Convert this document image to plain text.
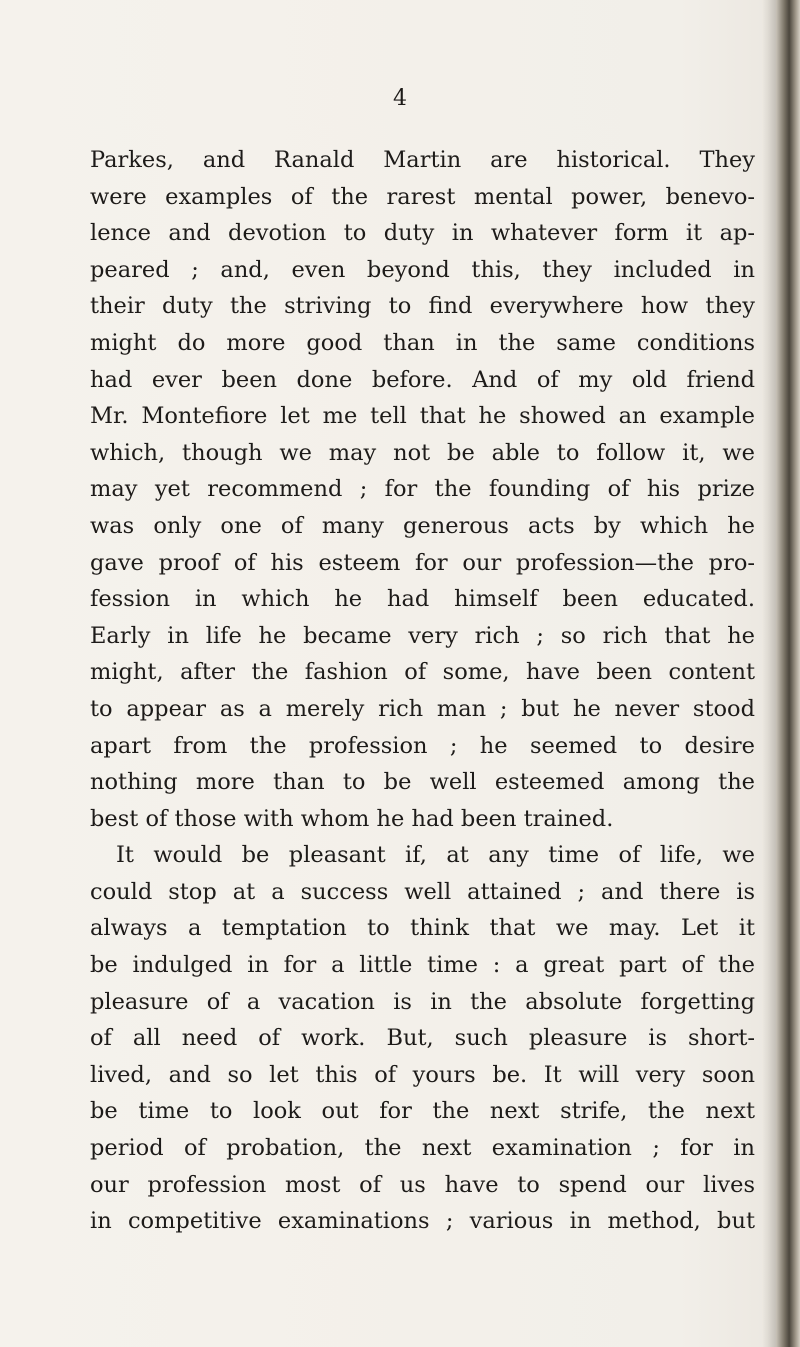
4
Parkes, and Ranald Martin are historical. They
were examples of the rarest mental power, benevo-
lence and devotion to duty in whatever form it ap-
peared ; and, even beyond this, they included in
their duty the striving to find everywhere how they
might do more good than in the same conditions
had ever been done before. And of my old friend
Mr. Montefiore let me tell that he showed an example
which, though we may not be able to follow it, we
may yet recommend ; for the founding of his prize
was only one of many generous acts by which he
gave proof of his esteem for our profession—the pro-
fession in which he had himself been educated.
Early in life he became very rich ; so rich that he
might, after the fashion of some, have been content
to appear as a merely rich man ; but he never stood
apart from the profession ; he seemed to desire
nothing more than to be well esteemed among the
best of those with whom he had been trained.
It would be pleasant if, at any time of life, we
could stop at a success well attained ; and there is
always a temptation to think that we may. Let it
be indulged in for a little time : a great part of the
pleasure of a vacation is in the absolute forgetting
of all need of work. But, such pleasure is short-
lived, and so let this of yours be. It will very soon
be time to look out for the next strife, the next
period of probation, the next examination ; for in
our profession most of us have to spend our lives
in competitive examinations ; various in method, but
